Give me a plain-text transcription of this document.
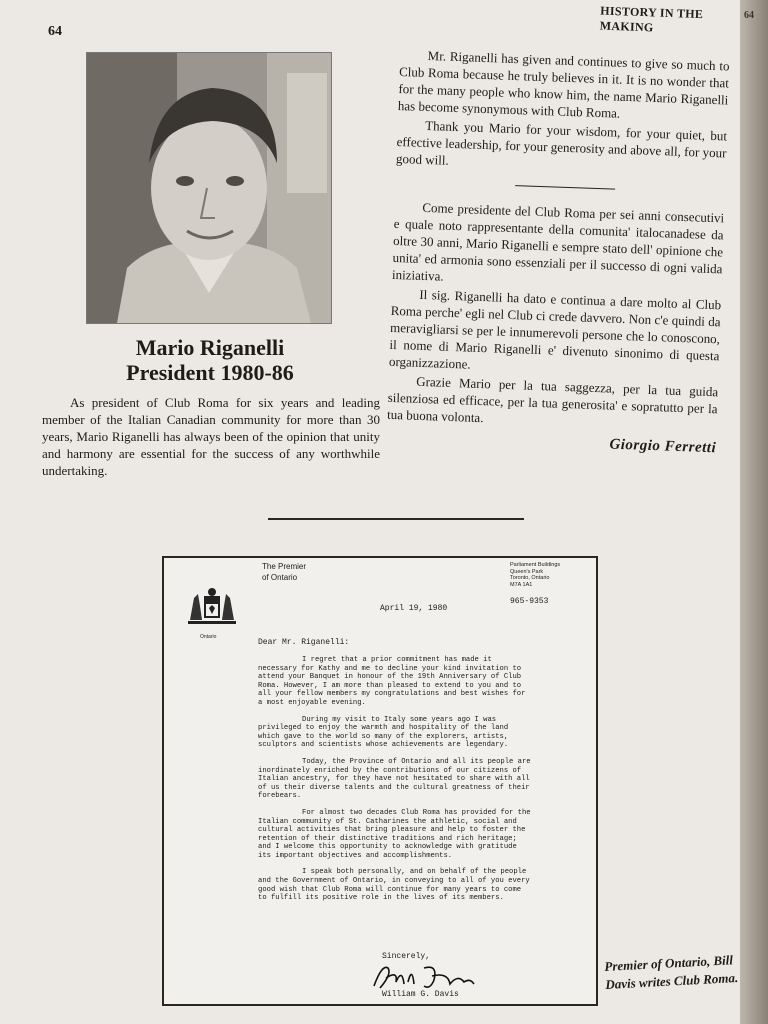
64
HISTORY IN THE MAKING
Mario Riganelli
President 1980-86

As president of Club Roma for six years and leading member of the Italian Canadian community for more than 30 years, Mario Riganelli has always been of the opinion that unity and harmony are essential for the success of any worthwhile undertaking.

Mr. Riganelli has given and continues to give so much to Club Roma because he truly believes in it. It is no wonder that for the many people who know him, the name Mario Riganelli has become synonymous with Club Roma.

Thank you Mario for your wisdom, for your quiet, but effective leadership, for your generosity and above all, for your good will.

Come presidente del Club Roma per sei anni consecutivi e quale noto rappresentante della comunita' italocanadese da oltre 30 anni, Mario Riganelli e sempre stato dell' opinione che unita' ed armonia sono essenziali per il successo di ogni valida iniziativa.

Il sig. Riganelli ha dato e continua a dare molto al Club Roma perche' egli nel Club ci crede davvero. Non c'e quindi da meravigliarsi se per le innumerevoli persone che lo conoscono, il nome di Mario Riganelli e' divenuto sinonimo di questa organizzazione.

Grazie Mario per la tua saggezza, per la tua guida silenziosa ed efficace, per la tua generosita' e sopratutto per la tua buona volonta.

Giorgio Ferretti
The Premier
of Ontario
Parliament Buildings
Queen's Park
Toronto, Ontario
M7A 1A1
965-9353
April 19, 1980
Ontario
Dear Mr. Riganelli:

I regret that a prior commitment has made it necessary for Kathy and me to decline your kind invitation to attend your Banquet in honour of the 19th Anniversary of Club Roma. However, I am more than pleased to extend to you and to all your fellow members my congratulations and best wishes for a most enjoyable evening.

During my visit to Italy some years ago I was privileged to enjoy the warmth and hospitality of the land which gave to the world so many of the explorers, artists, sculptors and scientists whose achievements are legendary.

Today, the Province of Ontario and all its people are inordinately enriched by the contributions of our citizens of Italian ancestry, for they have not hesitated to share with all of us their diverse talents and the cultural greatness of their forebears.

For almost two decades Club Roma has provided for the Italian community of St. Catharines the athletic, social and cultural activities that bring pleasure and help to foster the retention of their distinctive traditions and rich heritage; and I welcome this opportunity to acknowledge with gratitude its important objectives and accomplishments.

I speak both personally, and on behalf of the people and the Government of Ontario, in conveying to all of you every good wish that Club Roma will continue for many years to come to fulfill its positive role in the lives of its members.

Sincerely,
William G. Davis
Premier of Ontario, Bill
Davis writes Club Roma.
64
